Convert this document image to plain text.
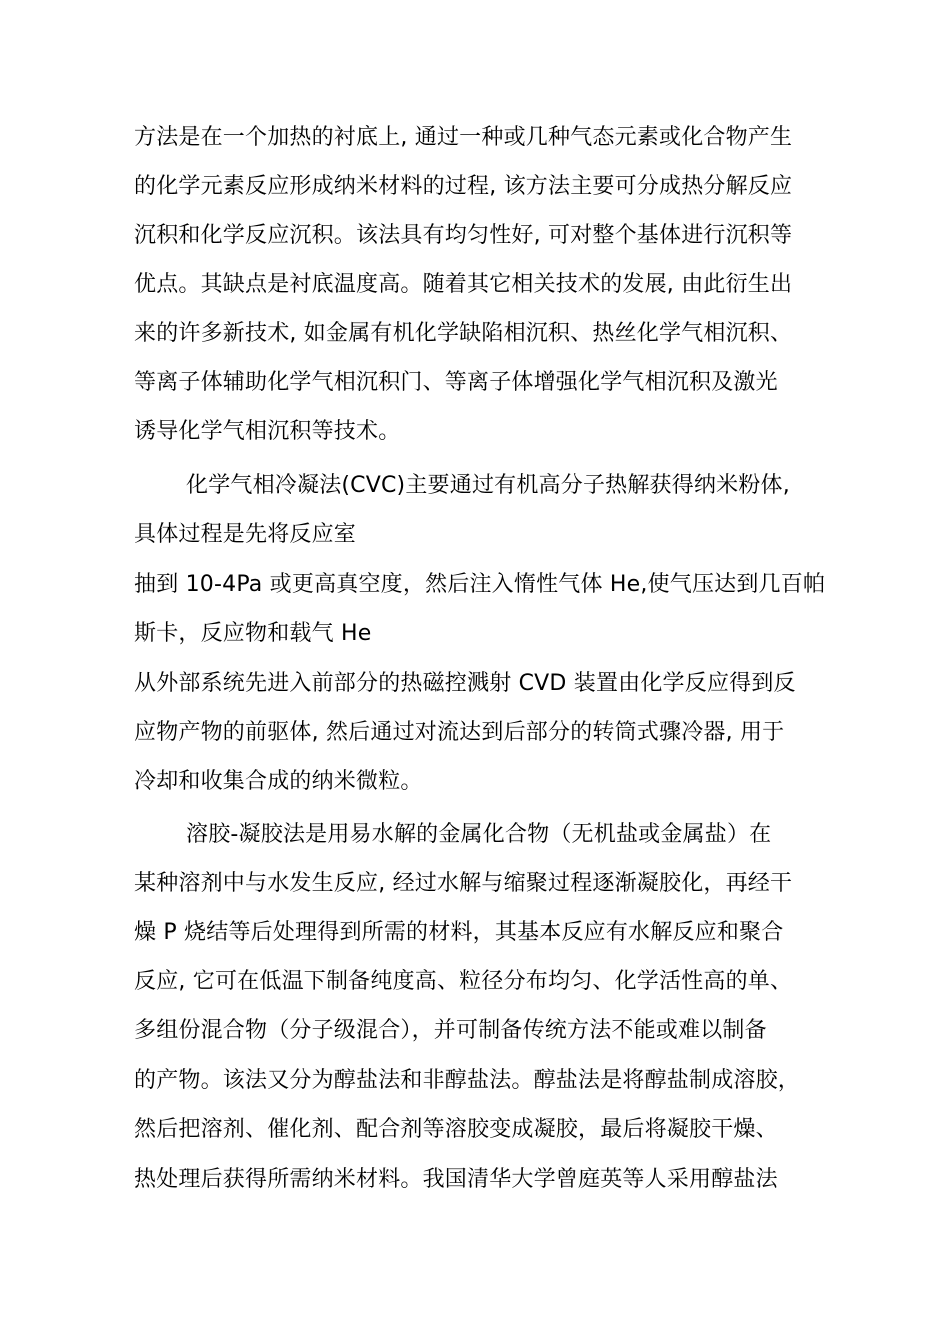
方法是在一个加热的衬底上, 通过一种或几种气态元素或化合物产生
的化学元素反应形成纳米材料的过程, 该方法主要可分成热分解反应
沉积和化学反应沉积。该法具有均匀性好, 可对整个基体进行沉积等
优点。其缺点是衬底温度高。随着其它相关技术的发展, 由此衍生出
来的许多新技术, 如金属有机化学缺陷相沉积、热丝化学气相沉积、
等离子体辅助化学气相沉积门、等离子体增强化学气相沉积及激光
诱导化学气相沉积等技术。
化学气相冷凝法(CVC)主要通过有机高分子热解获得纳米粉体,
具体过程是先将反应室
抽到 10-4Pa 或更高真空度，然后注入惰性气体 He,使气压达到几百帕
斯卡，反应物和载气 He
从外部系统先进入前部分的热磁控溅射 CVD 装置由化学反应得到反
应物产物的前驱体, 然后通过对流达到后部分的转筒式骤冷器, 用于
冷却和收集合成的纳米微粒。
溶胶-凝胶法是用易水解的金属化合物（无机盐或金属盐）在
某种溶剂中与水发生反应, 经过水解与缩聚过程逐渐凝胶化，再经干
燥 P 烧结等后处理得到所需的材料，其基本反应有水解反应和聚合
反应, 它可在低温下制备纯度高、粒径分布均匀、化学活性高的单、
多组份混合物（分子级混合），并可制备传统方法不能或难以制备
的产物。该法又分为醇盐法和非醇盐法。醇盐法是将醇盐制成溶胶，
然后把溶剂、催化剂、配合剂等溶胶变成凝胶，最后将凝胶干燥、
热处理后获得所需纳米材料。我国清华大学曾庭英等人采用醇盐法
